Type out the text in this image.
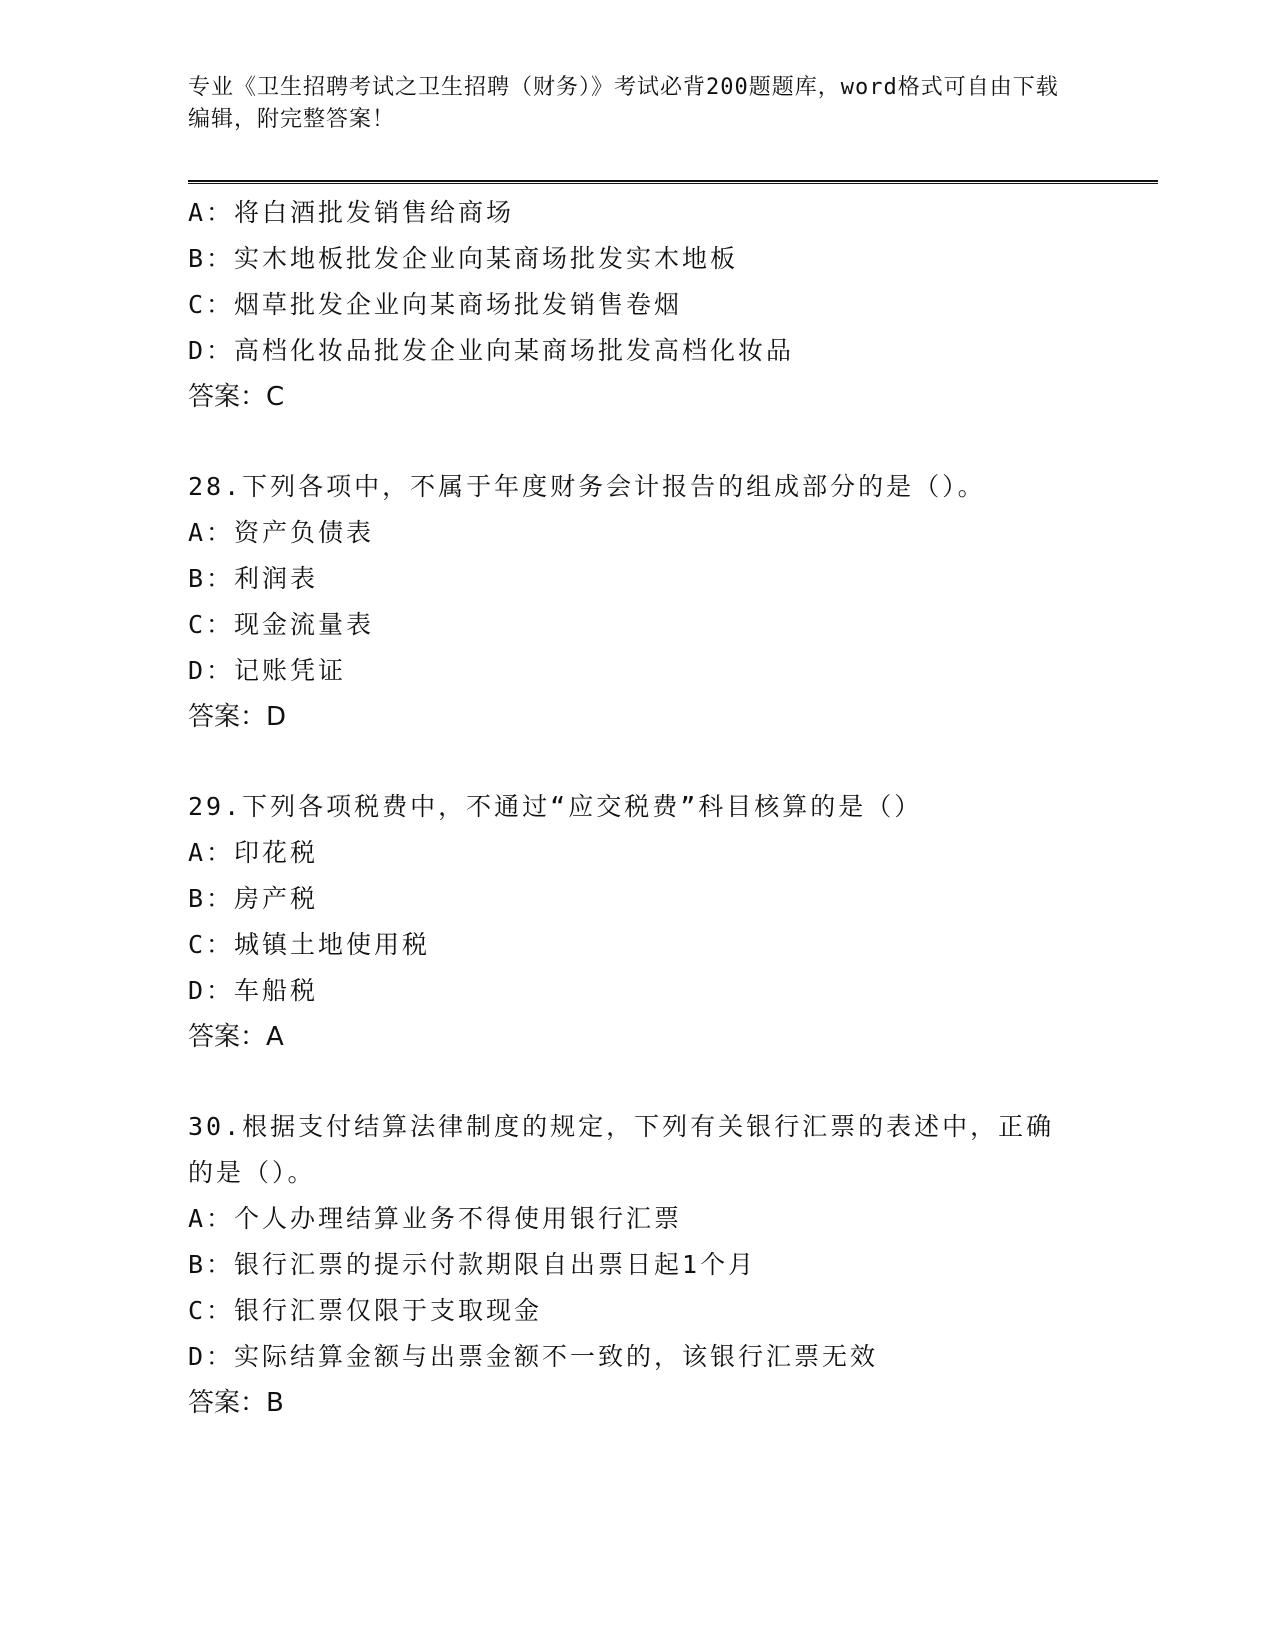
专业《卫生招聘考试之卫生招聘（财务）》考试必背200题题库，word格式可自由下载编辑，附完整答案！
A：将白酒批发销售给商场
B：实木地板批发企业向某商场批发实木地板
C：烟草批发企业向某商场批发销售卷烟
D：高档化妆品批发企业向某商场批发高档化妆品
答案：C
28.下列各项中，不属于年度财务会计报告的组成部分的是（）。
A：资产负债表
B：利润表
C：现金流量表
D：记账凭证
答案：D
29.下列各项税费中，不通过“应交税费”科目核算的是（）
A：印花税
B：房产税
C：城镇土地使用税
D：车船税
答案：A
30.根据支付结算法律制度的规定，下列有关银行汇票的表述中，正确
的是（）。
A：个人办理结算业务不得使用银行汇票
B：银行汇票的提示付款期限自出票日起1个月
C：银行汇票仅限于支取现金
D：实际结算金额与出票金额不一致的，该银行汇票无效
答案：B
